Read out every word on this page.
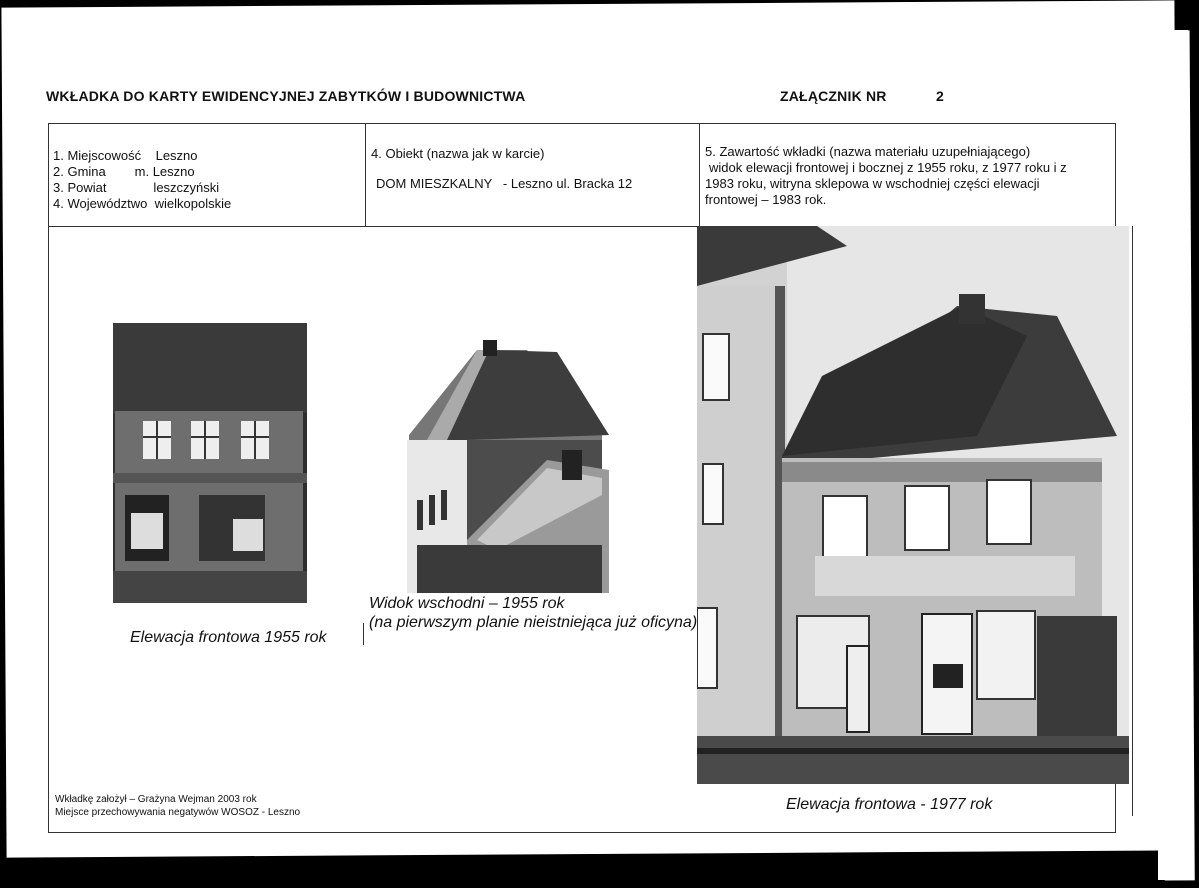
WKŁADKA DO KARTY EWIDENCYJNEJ ZABYTKÓW I BUDOWNICTWA	ZAŁĄCZNIK NR	2
1. Miejscowość    Leszno
2. Gmina        m. Leszno
3. Powiat             leszczyński
4. Województwo  wielkopolskie
4. Obiekt (nazwa jak w karcie)
DOM MIESZKALNY   - Leszno ul. Bracka 12
5. Zawartość wkładki (nazwa materiału uzupełniającego)
widok elewacji frontowej i bocznej z 1955 roku, z 1977 roku i z
1983 roku, witryna sklepowa w wschodniej części elewacji
frontowej – 1983 rok.
Elewacja frontowa 1955 rok
Widok wschodni – 1955 rok
(na pierwszym planie nieistniejąca już oficyna)
Elewacja frontowa - 1977 rok
Wkładkę założył – Grażyna Wejman 2003 rok
Miejsce przechowywania negatywów WOSOZ - Leszno
